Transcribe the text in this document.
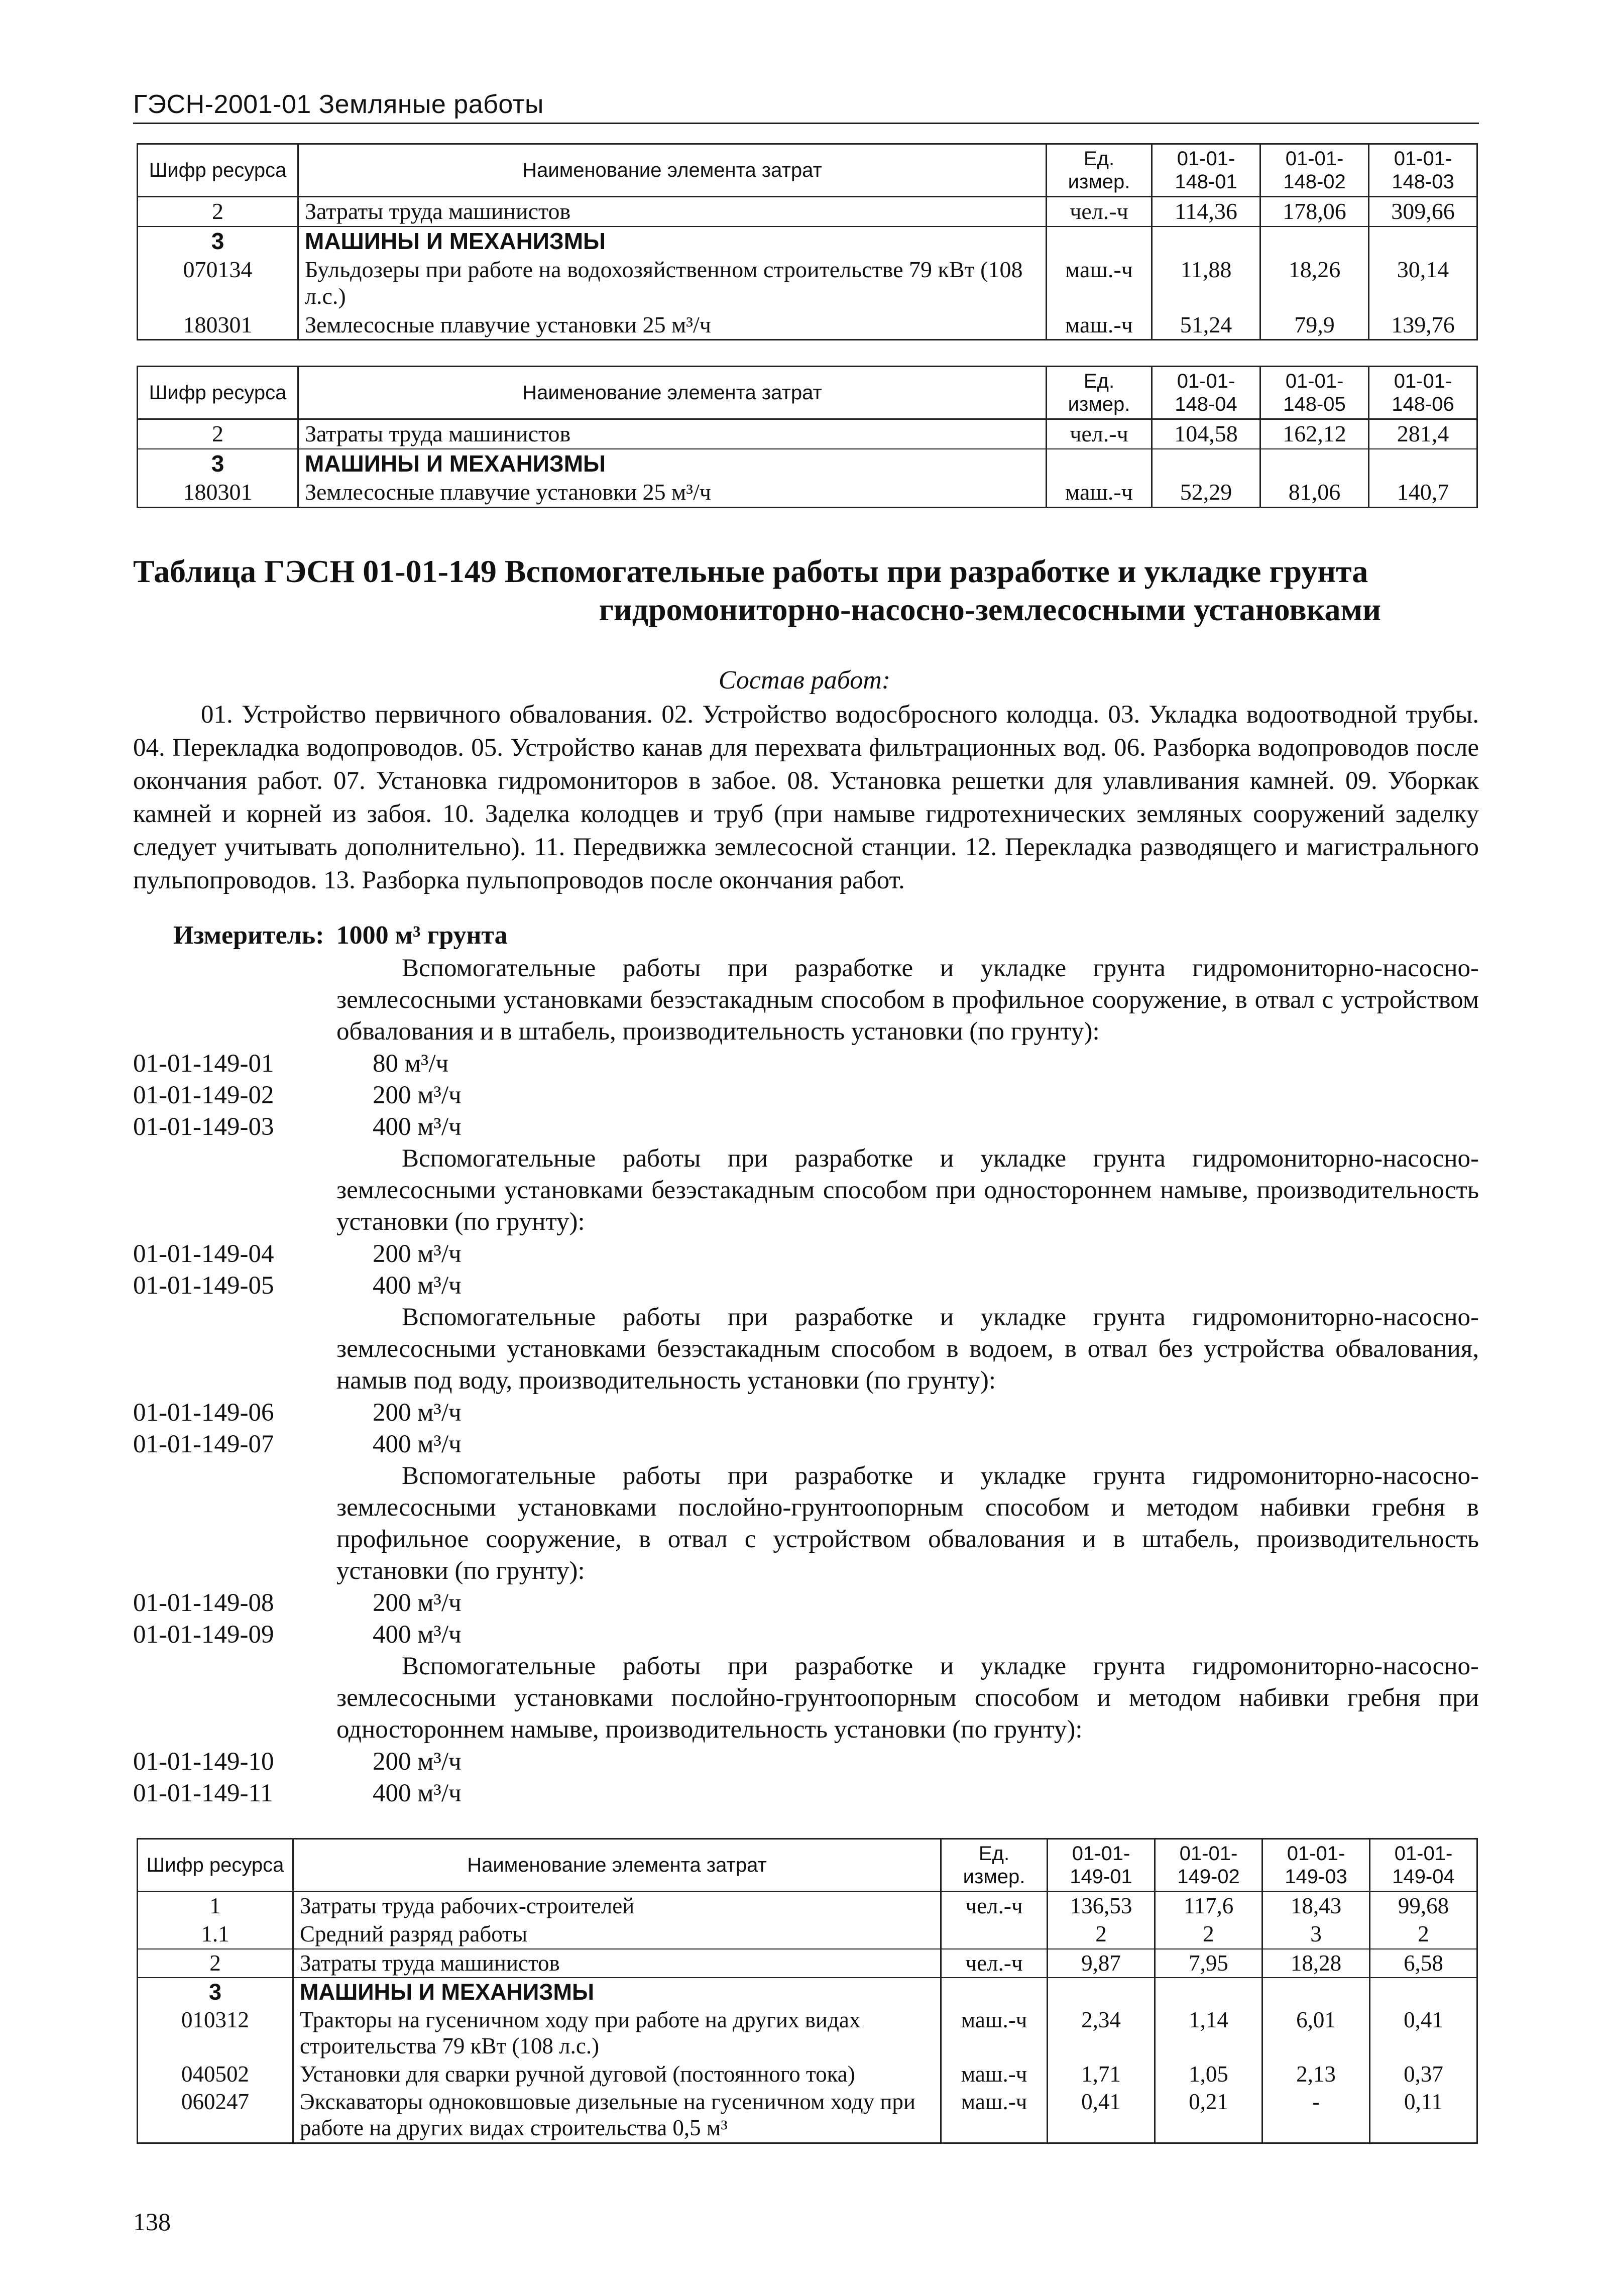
ГЭСН-2001-01 Земляные работы
Шифр ресурса	Наименование элемента затрат	Ед. измер.	01-01-148-01	01-01-148-02	01-01-148-03
2	Затраты труда машинистов	чел.-ч	114,36	178,06	309,66
3	МАШИНЫ И МЕХАНИЗМЫ				
070134	Бульдозеры при работе на водохозяйственном строительстве 79 кВт (108 л.с.)	маш.-ч	11,88	18,26	30,14
180301	Землесосные плавучие установки 25 м³/ч	маш.-ч	51,24	79,9	139,76
Шифр ресурса	Наименование элемента затрат	Ед. измер.	01-01-148-04	01-01-148-05	01-01-148-06
2	Затраты труда машинистов	чел.-ч	104,58	162,12	281,4
3	МАШИНЫ И МЕХАНИЗМЫ				
180301	Землесосные плавучие установки 25 м³/ч	маш.-ч	52,29	81,06	140,7
Таблица ГЭСН 01-01-149 Вспомогательные работы при разработке и укладке грунта
гидромониторно-насосно-землесосными установками
Состав работ:
01. Устройство первичного обвалования. 02. Устройство водосбросного колодца. 03. Укладка водоотводной трубы. 04. Перекладка водопроводов. 05. Устройство канав для перехвата фильтрационных вод. 06. Разборка водопроводов после окончания работ. 07. Установка гидромониторов в забое. 08. Установка решетки для улавливания камней. 09. Уборкак камней и корней из забоя. 10. Заделка колодцев и труб (при намыве гидротехнических земляных сооружений заделку следует учитывать дополнительно). 11. Передвижка землесосной станции. 12. Перекладка разводящего и магистрального пульпопроводов. 13. Разборка пульпопроводов после окончания работ.
Измеритель: 1000 м³ грунта
Вспомогательные работы при разработке и укладке грунта гидромониторно-насосно-землесосными установками безэстакадным способом в профильное сооружение, в отвал с устройством обвалования и в штабель, производительность установки (по грунту):
01-01-149-01	80 м³/ч
01-01-149-02	200 м³/ч
01-01-149-03	400 м³/ч
Вспомогательные работы при разработке и укладке грунта гидромониторно-насосно-землесосными установками безэстакадным способом при одностороннем намыве, производительность установки (по грунту):
01-01-149-04	200 м³/ч
01-01-149-05	400 м³/ч
Вспомогательные работы при разработке и укладке грунта гидромониторно-насосно-землесосными установками безэстакадным способом в водоем, в отвал без устройства обвалования, намыв под воду, производительность установки (по грунту):
01-01-149-06	200 м³/ч
01-01-149-07	400 м³/ч
Вспомогательные работы при разработке и укладке грунта гидромониторно-насосно-землесосными установками послойно-грунтоопорным способом и методом набивки гребня в профильное сооружение, в отвал с устройством обвалования и в штабель, производительность установки (по грунту):
01-01-149-08	200 м³/ч
01-01-149-09	400 м³/ч
Вспомогательные работы при разработке и укладке грунта гидромониторно-насосно-землесосными установками послойно-грунтоопорным способом и методом набивки гребня при одностороннем намыве, производительность установки (по грунту):
01-01-149-10	200 м³/ч
01-01-149-11	400 м³/ч
Шифр ресурса	Наименование элемента затрат	Ед. измер.	01-01-149-01	01-01-149-02	01-01-149-03	01-01-149-04
1	Затраты труда рабочих-строителей	чел.-ч	136,53	117,6	18,43	99,68
1.1	Средний разряд работы		2	2	3	2
2	Затраты труда машинистов	чел.-ч	9,87	7,95	18,28	6,58
3	МАШИНЫ И МЕХАНИЗМЫ					
010312	Тракторы на гусеничном ходу при работе на других видах строительства 79 кВт (108 л.с.)	маш.-ч	2,34	1,14	6,01	0,41
040502	Установки для сварки ручной дуговой (постоянного тока)	маш.-ч	1,71	1,05	2,13	0,37
060247	Экскаваторы одноковшовые дизельные на гусеничном ходу при работе на других видах строительства 0,5 м³	маш.-ч	0,41	0,21	-	0,11
138
